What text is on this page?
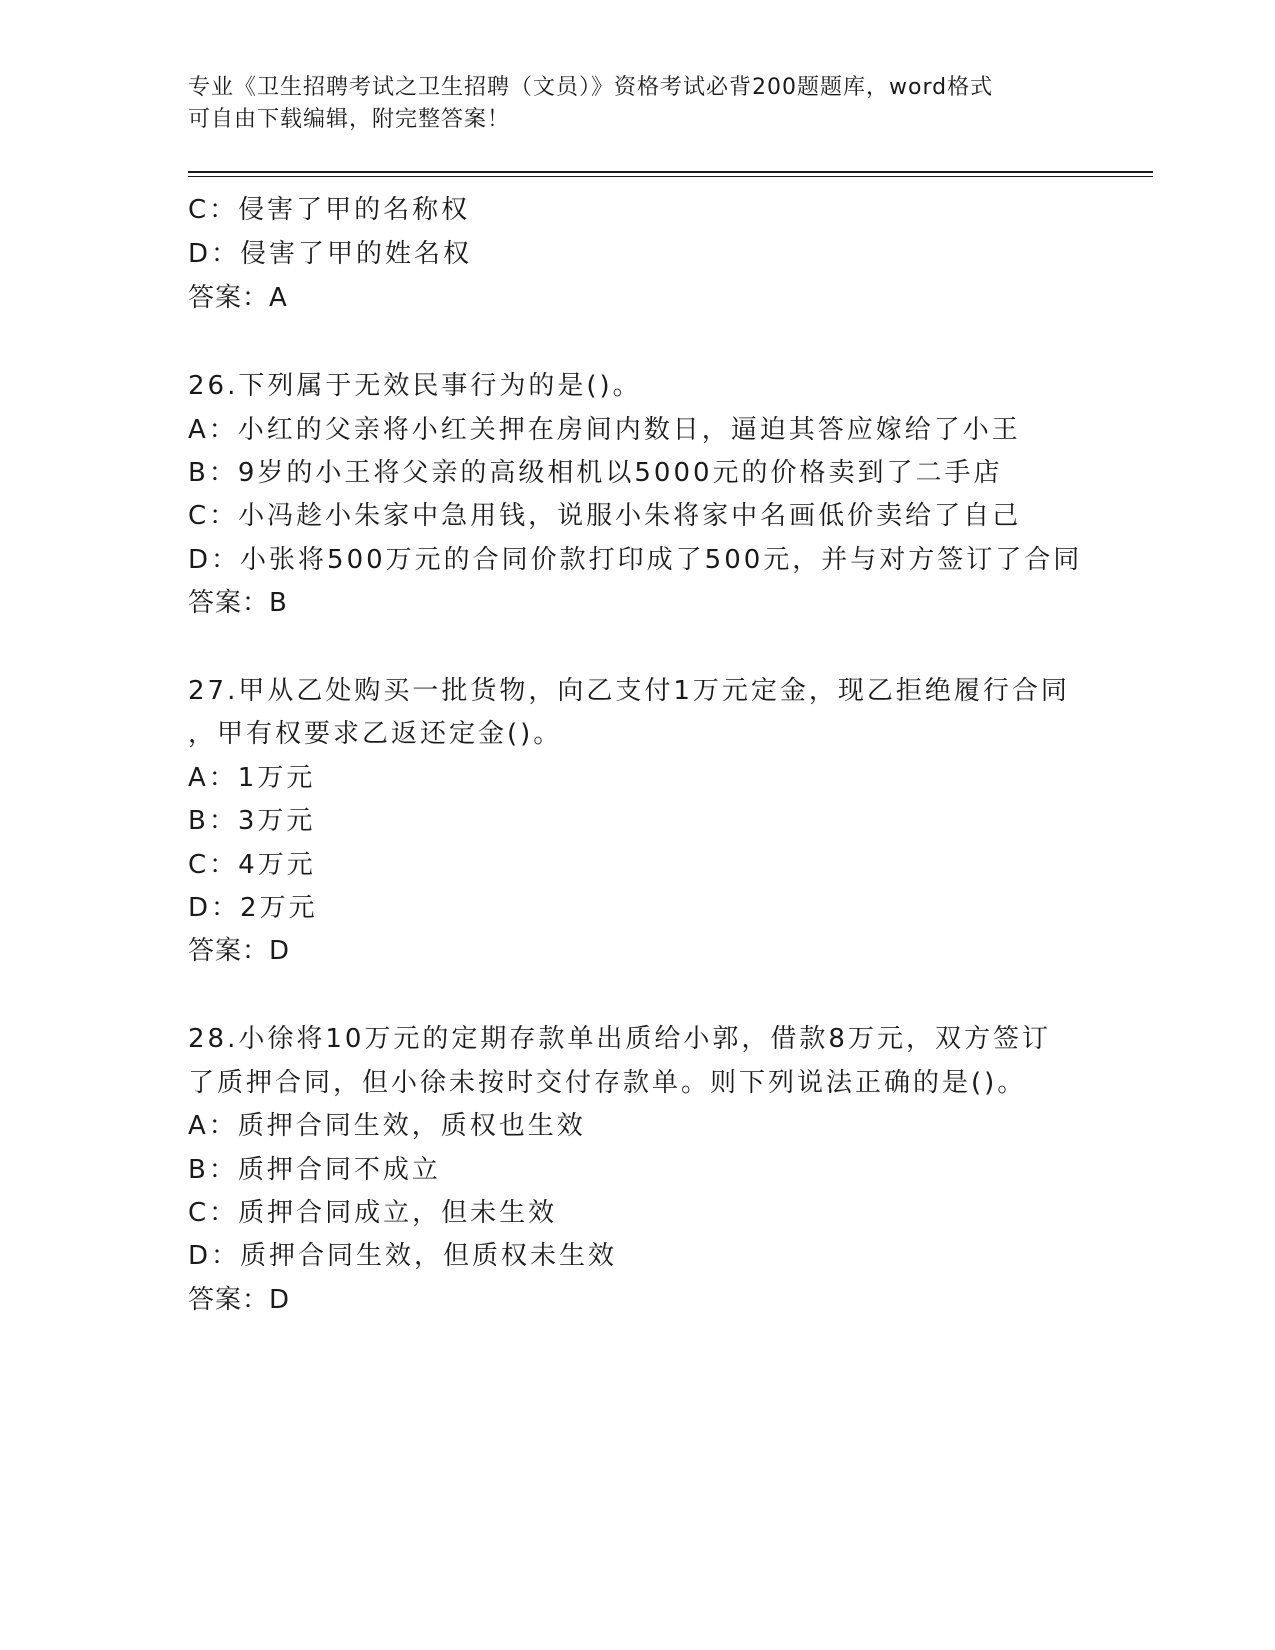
专业《卫生招聘考试之卫生招聘（文员）》资格考试必背200题题库，word格式
可自由下载编辑，附完整答案！
C：侵害了甲的名称权
D：侵害了甲的姓名权
答案：A
26.下列属于无效民事行为的是()。
A：小红的父亲将小红关押在房间内数日，逼迫其答应嫁给了小王
B：9岁的小王将父亲的高级相机以5000元的价格卖到了二手店
C：小冯趁小朱家中急用钱，说服小朱将家中名画低价卖给了自己
D：小张将500万元的合同价款打印成了500元，并与对方签订了合同
答案：B
27.甲从乙处购买一批货物，向乙支付1万元定金，现乙拒绝履行合同
，甲有权要求乙返还定金()。
A：1万元
B：3万元
C：4万元
D：2万元
答案：D
28.小徐将10万元的定期存款单出质给小郭，借款8万元，双方签订
了质押合同，但小徐未按时交付存款单。则下列说法正确的是()。
A：质押合同生效，质权也生效
B：质押合同不成立
C：质押合同成立，但未生效
D：质押合同生效，但质权未生效
答案：D
